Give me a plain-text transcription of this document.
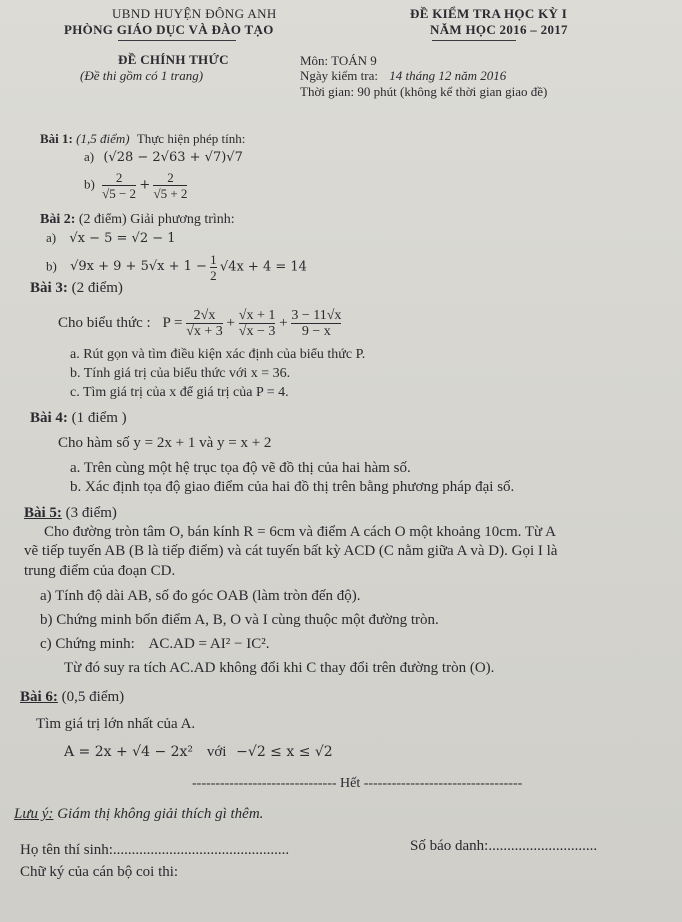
UBND HUYỆN ĐÔNG ANH
PHÒNG GIÁO DỤC VÀ ĐÀO TẠO
ĐỀ KIỂM TRA HỌC KỲ I
NĂM HỌC 2016 – 2017
ĐỀ CHÍNH THỨC
(Đề thi gồm có 1 trang)
Môn: TOÁN 9
Ngày kiểm tra: 14 tháng 12 năm 2016
Thời gian: 90 phút (không kể thời gian giao đề)
Bài 1: (1,5 điểm) Thực hiện phép tính:
a) (√28 − 2√63 + √7)√7
$b) \frac{2}{√5 - 2} + \frac{2}{√5 + 2}$
Bài 2: (2 điểm) Giải phương trình:
a) √x − 5 = √2 − 1
b) $√9x + 9 + 5√x + 1 - \frac{1}{2} √4x + 4 = 14$
Bài 3: (2 điểm)
Cho biểu thức : $P = \frac{2√x}{√x + 3} + \frac{√x + 1}{√x - 3} + \frac{3 - 11√x}{9 - x}$
a. Rút gọn và tìm điều kiện xác định của biểu thức P.
b. Tính giá trị của biểu thức với x = 36.
c. Tìm giá trị của x để giá trị của P = 4.
Bài 4: (1 điểm )
Cho hàm số y = 2x + 1 và y = x + 2
a. Trên cùng một hệ trục tọa độ vẽ đồ thị của hai hàm số.
b. Xác định tọa độ giao điểm của hai đồ thị trên bằng phương pháp đại số.
Bài 5: (3 điểm)
Cho đường tròn tâm O, bán kính R = 6cm và điểm A cách O một khoảng 10cm. Từ A
vẽ tiếp tuyến AB (B là tiếp điểm) và cát tuyến bất kỳ ACD (C nằm giữa A và D). Gọi I là
trung điểm của đoạn CD.
a) Tính độ dài AB, số đo góc OAB (làm tròn đến độ).
b) Chứng minh bốn điểm A, B, O và I cùng thuộc một đường tròn.
c) Chứng minh: AC.AD = AI² − IC².
Từ đó suy ra tích AC.AD không đổi khi C thay đổi trên đường tròn (O).
Bài 6: (0,5 điểm)
Tìm giá trị lớn nhất của A.
A = 2x + √4 − 2x² với −√2 ≤ x ≤ √2
------------------------------- Hết ----------------------------------
Lưu ý: Giám thị không giải thích gì thêm.
Họ tên thí sinh:...............................................	Số báo danh:.............................
Chữ ký của cán bộ coi thi:
